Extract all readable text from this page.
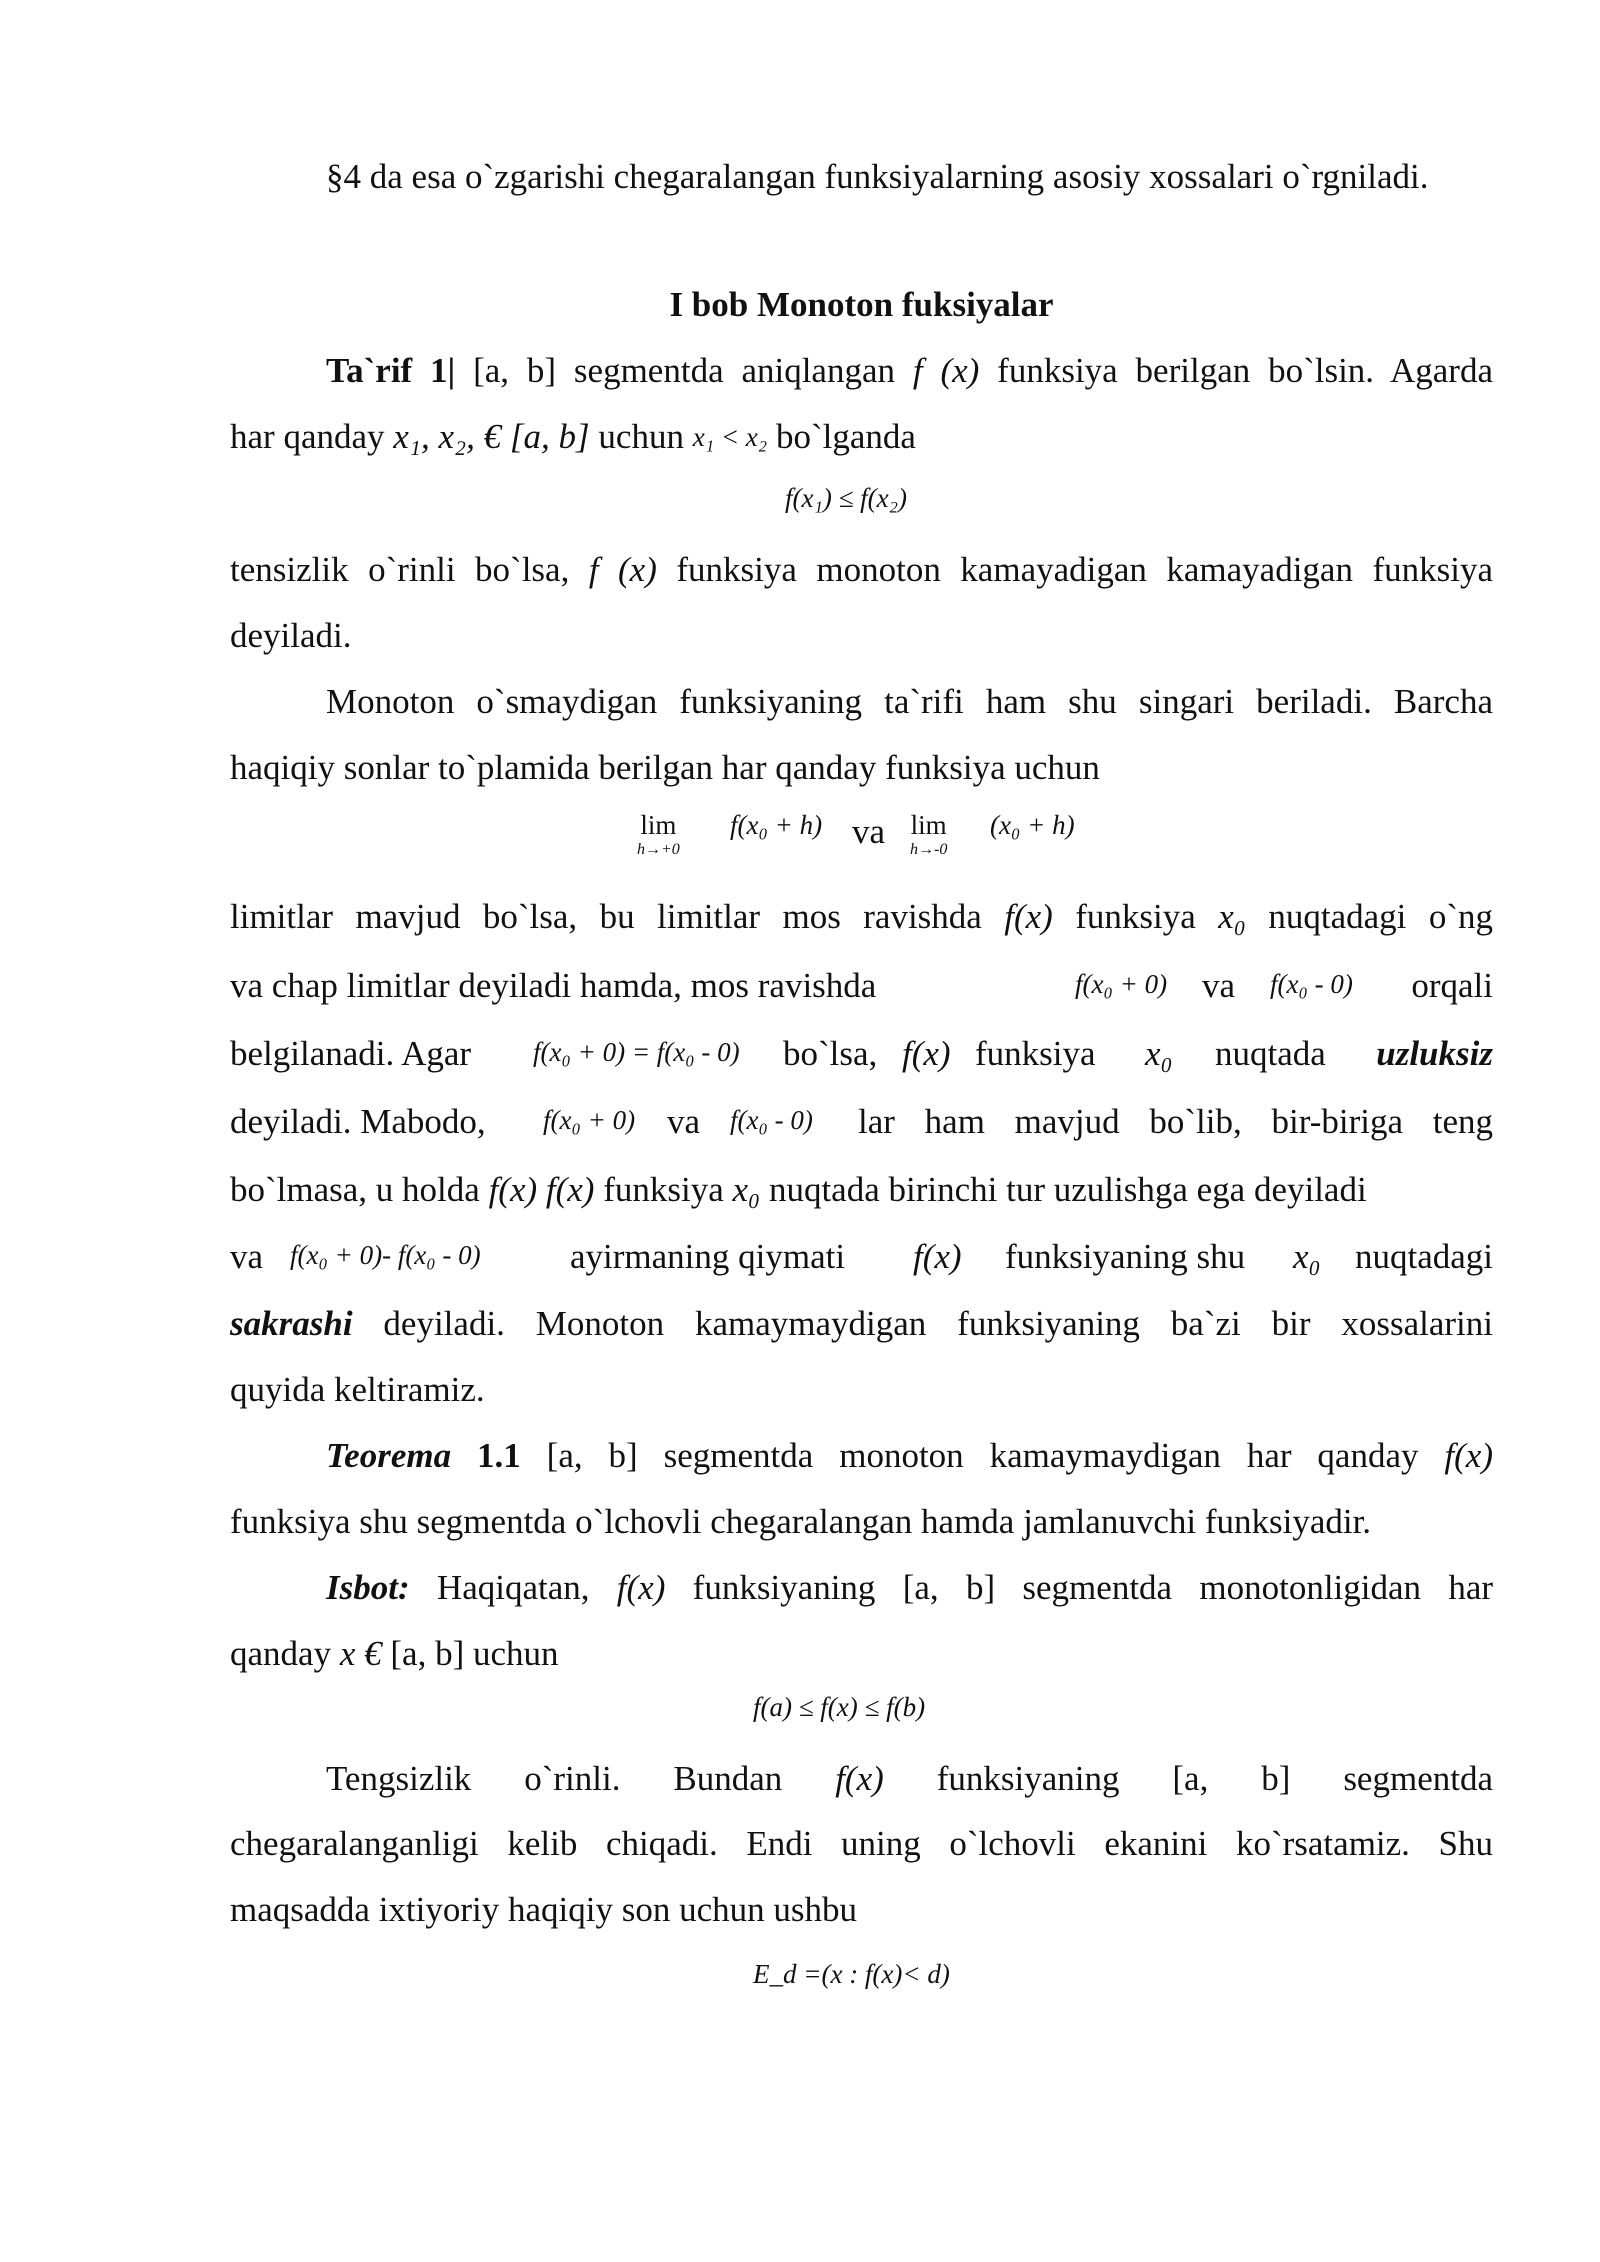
§4 da esa o`zgarishi chegaralangan funksiyalarning asosiy xossalari o`rgniladi.
I bob Monoton fuksiyalar
Ta`rif 1| [a, b] segmentda aniqlangan f (x) funksiya berilgan bo`lsin. Agarda
har qanday x₁, x₂, € [a, b] uchun x₁ < x₂ bo`lganda
f(x₁) ≤ f(x₂)
tensizlik o`rinli bo`lsa, f (x) funksiya monoton kamayadigan kamayadigan funksiya
deyiladi.
Monoton o`smaydigan funksiyaning ta`rifi ham shu singari beriladi. Barcha
haqiqiy sonlar to`plamida berilgan har qanday funksiya uchun
lim
h→+0
f(x₀ + h) va lim
h→-0
(x₀ + h)
limitlar mavjud bo`lsa, bu limitlar mos ravishda f(x) funksiya x₀ nuqtadagi o`ng
va chap limitlar deyiladi hamda, mos ravishda	f(x₀ + 0) va	f(x₀ - 0)	orqali
belgilanadi. Agar	f(x₀ + 0) = f(x₀ - 0) bo`lsa, f(x) funksiya x₀	nuqtada	uzluksiz
deyiladi. Mabodo,	f(x₀ + 0) va	f(x₀ - 0) lar ham mavjud bo`lib, bir-biriga teng
bo`lmasa, u holda f(x) f(x) funksiya x₀ nuqtada birinchi tur uzulishga ega deyiladi
va f(x₀ + 0)- f(x₀ - 0)	ayirmaning qiymati	f(x)	funksiyaning shu	x₀ nuqtadagi
sakrashi deyiladi. Monoton kamaymaydigan funksiyaning ba`zi bir xossalarini
quyida keltiramiz.
Teorema 1.1 [a, b] segmentda monoton kamaymaydigan har qanday f(x)
funksiya shu segmentda o`lchovli chegaralangan hamda jamlanuvchi funksiyadir.
Isbot: Haqiqatan, f(x) funksiyaning [a, b] segmentda monotonligidan har
qanday x € [a, b] uchun
f(a) ≤ f(x) ≤ f(b)
Tengsizlik o`rinli. Bundan f(x) funksiyaning [a, b] segmentda
chegaralanganligi kelib chiqadi. Endi uning o`lchovli ekanini ko`rsatamiz. Shu
maqsadda ixtiyoriy haqiqiy son uchun ushbu
E_d =(x : f(x)< d)
